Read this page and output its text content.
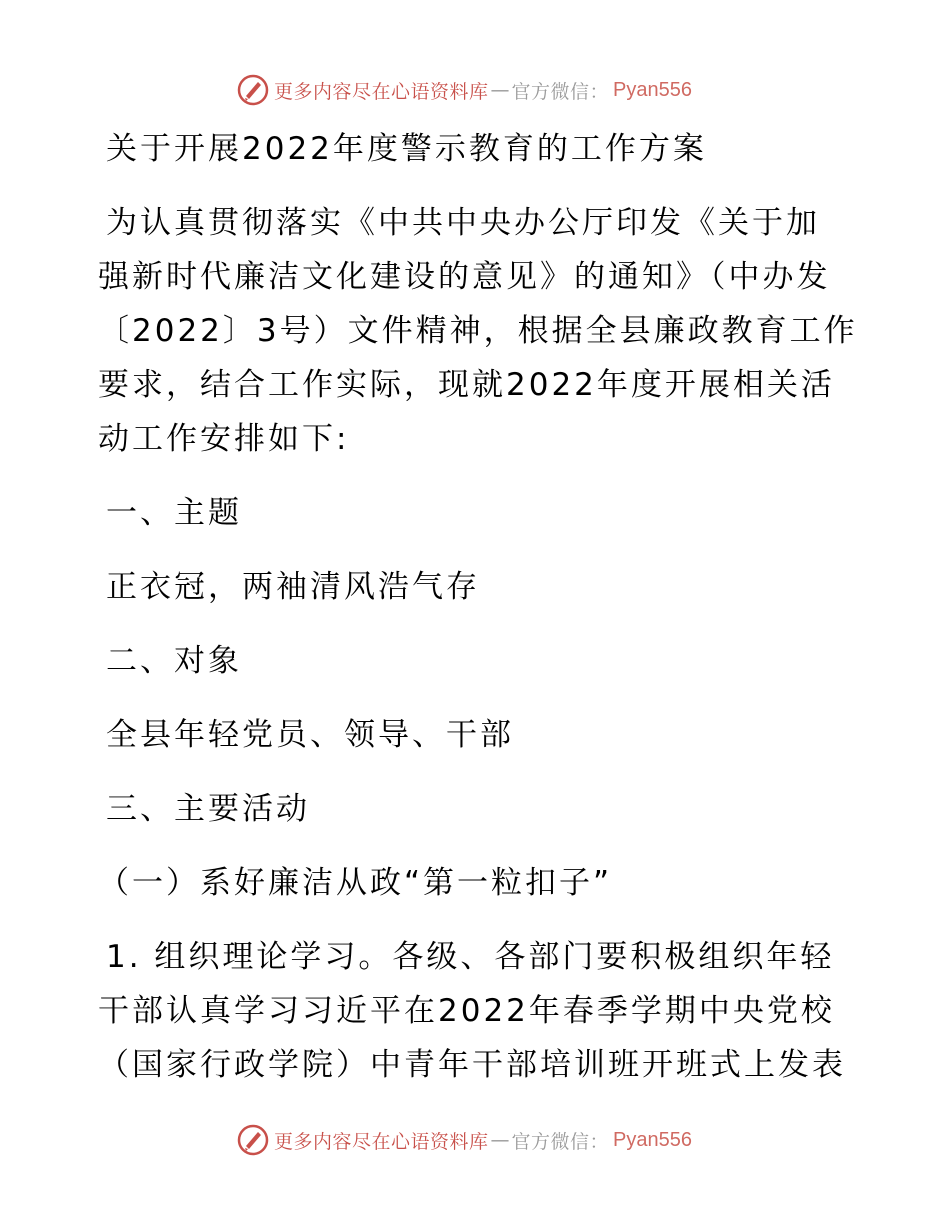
更多内容尽在心语资料库 — 官方微信： Pyan556
关于开展2022年度警示教育的工作方案
为认真贯彻落实《中共中央办公厅印发《关于加
强新时代廉洁文化建设的意见》的通知》（中办发
〔2022〕3号）文件精神，根据全县廉政教育工作
要求，结合工作实际，现就2022年度开展相关活
动工作安排如下:
一、主题
正衣冠，两袖清风浩气存
二、对象
全县年轻党员、领导、干部
三、主要活动
（一）系好廉洁从政“第一粒扣子”
1. 组织理论学习。各级、各部门要积极组织年轻
干部认真学习习近平在2022年春季学期中央党校
（国家行政学院）中青年干部培训班开班式上发表
更多内容尽在心语资料库 — 官方微信： Pyan556
